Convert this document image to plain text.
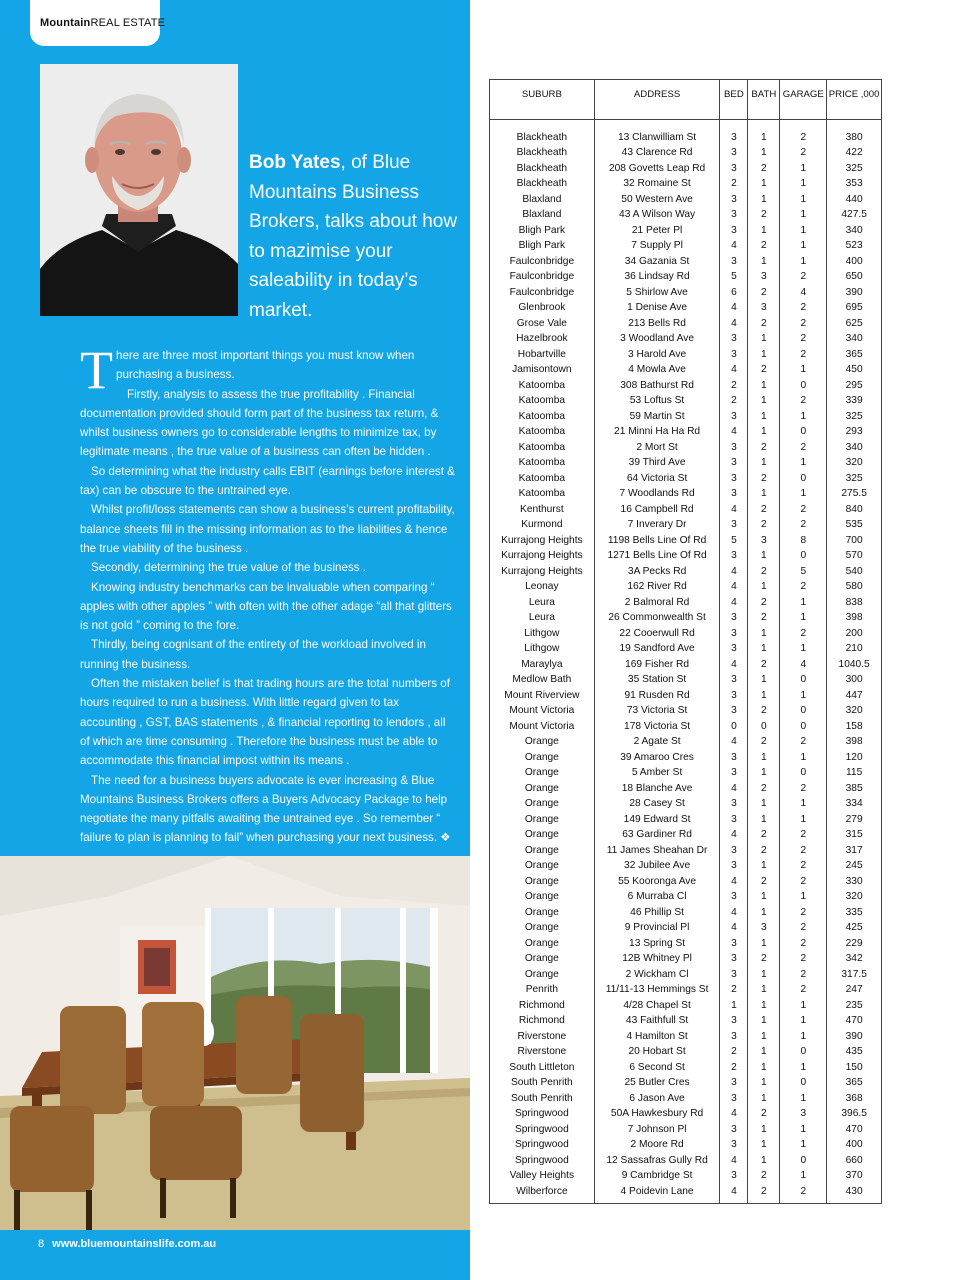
MountainREAL ESTATE
Bob Yates, of Blue Mountains Business Brokers, talks about how to mazimise your saleability in today’s market.

There are three most important things you must know when purchasing a business.
Firstly, analysis to assess the true profitability . Financial documentation provided should form part of the business tax return, & whilst business owners go to considerable lengths to minimize tax, by legitimate means , the true value of a business can often be hidden .

So determining what the industry calls EBIT (earnings before interest & tax) can be obscure to the untrained eye.

Whilst profit/loss statements can show a business’s current profitability, balance sheets fill in the missing information as to the liabilities & hence the true viability of the business .

Secondly, determining the true value of the business .

Knowing industry benchmarks can be invaluable when comparing “ apples with other apples ” with often with the other adage “all that glitters is not gold ” coming to the fore.

Thirdly, being cognisant of the entirety of the workload involved in running the business.

Often the mistaken belief is that trading hours are the total numbers of hours required to run a business. With little regard given to tax accounting , GST, BAS statements , & financial reporting to lendors , all of which are time consuming . Therefore the business must be able to accommodate this financial impost within its means .

The need for a business buyers advocate is ever increasing & Blue Mountains Business Brokers offers a Buyers Advocacy Package to help negotiate the many pitfalls awaiting the untrained eye . So remember “ failure to plan is planning to fail” when purchasing your next business. ❖

8 www.bluemountainslife.com.au
SUBURB	ADDRESS	BED	BATH	GARAGE	PRICE ,000

Blackheath	13 Clanwilliam St	3	1	2	380
Blackheath	43 Clarence Rd	3	1	2	422
Blackheath	208 Govetts Leap Rd	3	2	1	325
Blackheath	32 Romaine St	2	1	1	353
Blaxland	50 Western Ave	3	1	1	440
Blaxland	43 A Wilson Way	3	2	1	427.5
Bligh Park	21 Peter Pl	3	1	1	340
Bligh Park	7 Supply Pl	4	2	1	523
Faulconbridge	34 Gazania St	3	1	1	400
Faulconbridge	36 Lindsay Rd	5	3	2	650
Faulconbridge	5 Shirlow Ave	6	2	4	390
Glenbrook	1 Denise Ave	4	3	2	695
Grose Vale	213 Bells Rd	4	2	2	625
Hazelbrook	3 Woodland Ave	3	1	2	340
Hobartville	3 Harold Ave	3	1	2	365
Jamisontown	4 Mowla Ave	4	2	1	450
Katoomba	308 Bathurst Rd	2	1	0	295
Katoomba	53 Loftus St	2	1	2	339
Katoomba	59 Martin St	3	1	1	325
Katoomba	21 Minni Ha Ha Rd	4	1	0	293
Katoomba	2 Mort St	3	2	2	340
Katoomba	39 Third Ave	3	1	1	320
Katoomba	64 Victoria St	3	2	0	325
Katoomba	7 Woodlands Rd	3	1	1	275.5
Kenthurst	16 Campbell Rd	4	2	2	840
Kurmond	7 Inverary Dr	3	2	2	535
Kurrajong Heights	1198 Bells Line Of Rd	5	3	8	700
Kurrajong Heights	1271 Bells Line Of Rd	3	1	0	570
Kurrajong Heights	3A Pecks Rd	4	2	5	540
Leonay	162 River Rd	4	1	2	580
Leura	2 Balmoral Rd	4	2	1	838
Leura	26 Commonwealth St	3	2	1	398
Lithgow	22 Cooerwull Rd	3	1	2	200
Lithgow	19 Sandford Ave	3	1	1	210
Maraylya	169 Fisher Rd	4	2	4	1040.5
Medlow Bath	35 Station St	3	1	0	300
Mount Riverview	91 Rusden Rd	3	1	1	447
Mount Victoria	73 Victoria St	3	2	0	320
Mount Victoria	178 Victoria St	0	0	0	158
Orange	2 Agate St	4	2	2	398
Orange	39 Amaroo Cres	3	1	1	120
Orange	5 Amber St	3	1	0	115
Orange	18 Blanche Ave	4	2	2	385
Orange	28 Casey St	3	1	1	334
Orange	149 Edward St	3	1	1	279
Orange	63 Gardiner Rd	4	2	2	315
Orange	11 James Sheahan Dr	3	2	2	317
Orange	32 Jubilee Ave	3	1	2	245
Orange	55 Kooronga Ave	4	2	2	330
Orange	6 Murraba Cl	3	1	1	320
Orange	46 Phillip St	4	1	2	335
Orange	9 Provincial Pl	4	3	2	425
Orange	13 Spring St	3	1	2	229
Orange	12B Whitney Pl	3	2	2	342
Orange	2 Wickham Cl	3	1	2	317.5
Penrith	11/11-13 Hemmings St	2	1	2	247
Richmond	4/28 Chapel St	1	1	1	235
Richmond	43 Faithfull St	3	1	1	470
Riverstone	4 Hamilton St	3	1	1	390
Riverstone	20 Hobart St	2	1	0	435
South Littleton	6 Second St	2	1	1	150
South Penrith	25 Butler Cres	3	1	0	365
South Penrith	6 Jason Ave	3	1	1	368
Springwood	50A Hawkesbury Rd	4	2	3	396.5
Springwood	7 Johnson Pl	3	1	1	470
Springwood	2 Moore Rd	3	1	1	400
Springwood	12 Sassafras Gully Rd	4	1	0	660
Valley Heights	9 Cambridge St	3	2	1	370
Wilberforce	4 Poidevin Lane	4	2	2	430
